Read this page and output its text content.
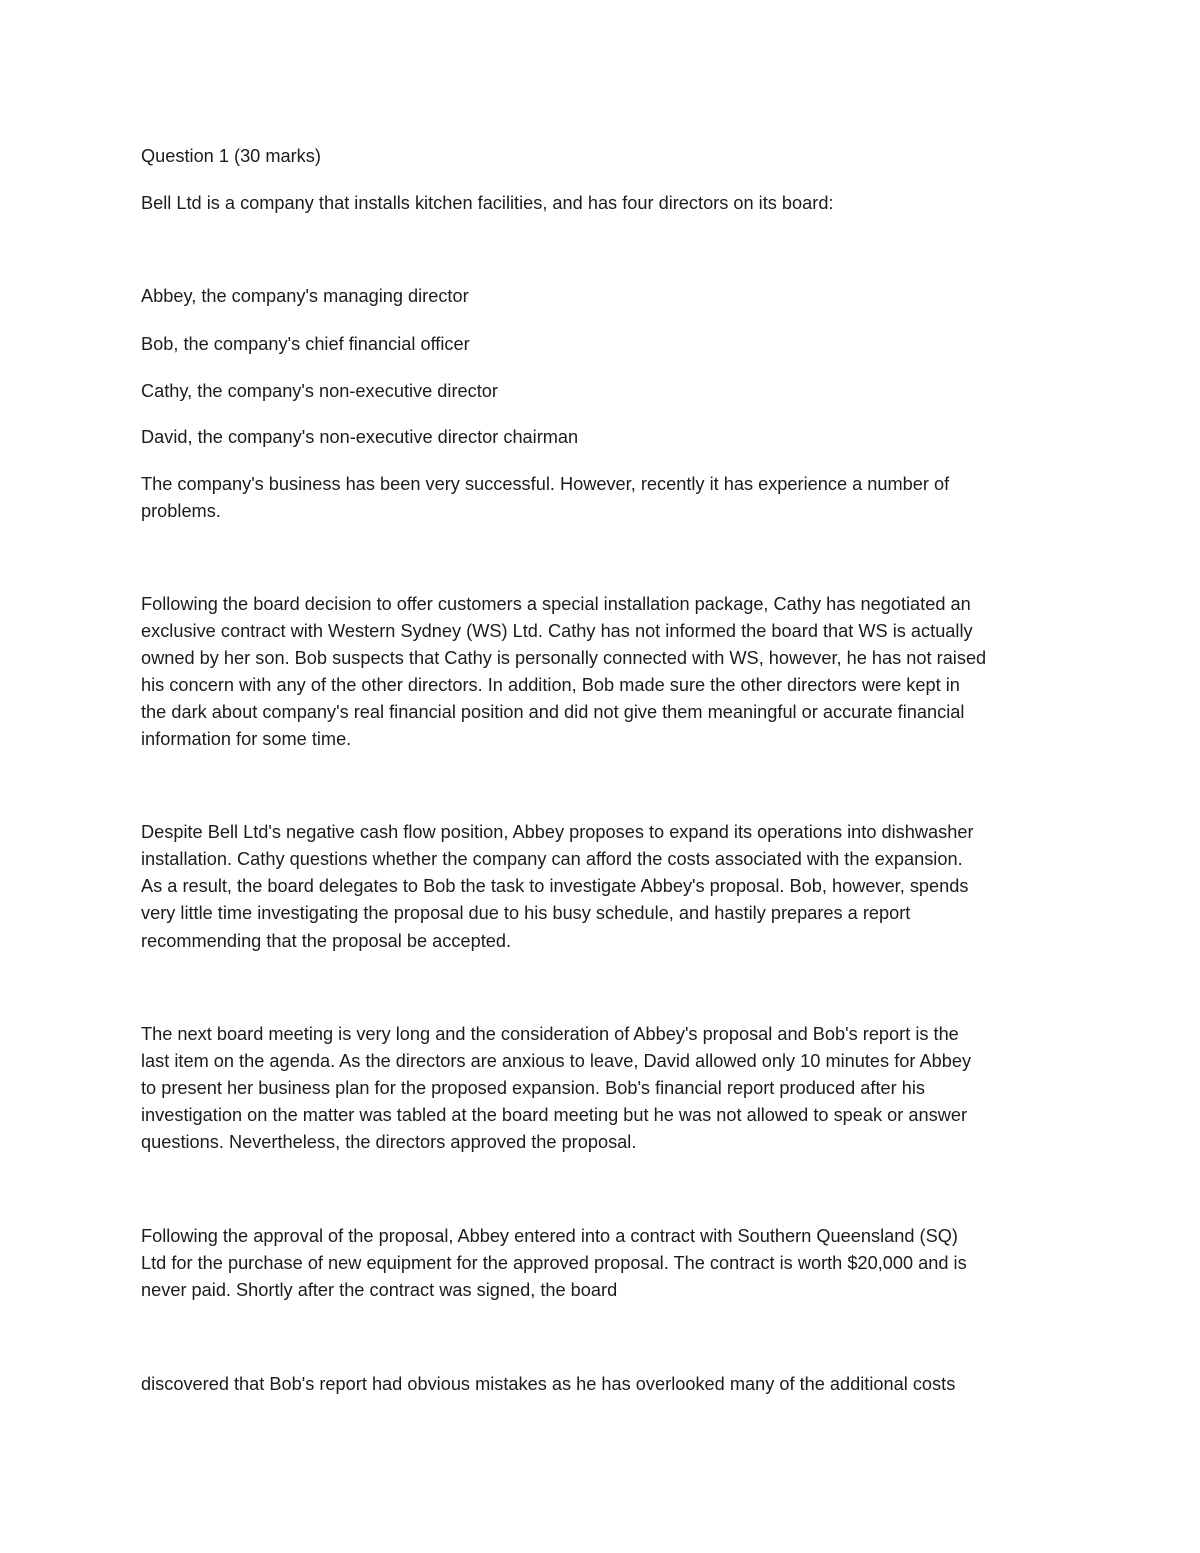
Question 1 (30 marks)
Bell Ltd is a company that installs kitchen facilities, and has four directors on its board:
Abbey, the company's managing director
Bob, the company's chief financial officer
Cathy, the company's non-executive director
David, the company's non-executive director chairman
The company's business has been very successful. However, recently it has experience a number of
problems.
Following the board decision to offer customers a special installation package, Cathy has negotiated an
exclusive contract with Western Sydney (WS) Ltd. Cathy has not informed the board that WS is actually
owned by her son. Bob suspects that Cathy is personally connected with WS, however, he has not raised
his concern with any of the other directors. In addition, Bob made sure the other directors were kept in
the dark about company's real financial position and did not give them meaningful or accurate financial
information for some time.
Despite Bell Ltd's negative cash flow position, Abbey proposes to expand its operations into dishwasher
installation. Cathy questions whether the company can afford the costs associated with the expansion.
As a result, the board delegates to Bob the task to investigate Abbey's proposal. Bob, however, spends
very little time investigating the proposal due to his busy schedule, and hastily prepares a report
recommending that the proposal be accepted.
The next board meeting is very long and the consideration of Abbey's proposal and Bob's report is the
last item on the agenda. As the directors are anxious to leave, David allowed only 10 minutes for Abbey
to present her business plan for the proposed expansion. Bob's financial report produced after his
investigation on the matter was tabled at the board meeting but he was not allowed to speak or answer
questions. Nevertheless, the directors approved the proposal.
Following the approval of the proposal, Abbey entered into a contract with Southern Queensland (SQ)
Ltd for the purchase of new equipment for the approved proposal. The contract is worth $20,000 and is
never paid. Shortly after the contract was signed, the board
discovered that Bob's report had obvious mistakes as he has overlooked many of the additional costs
